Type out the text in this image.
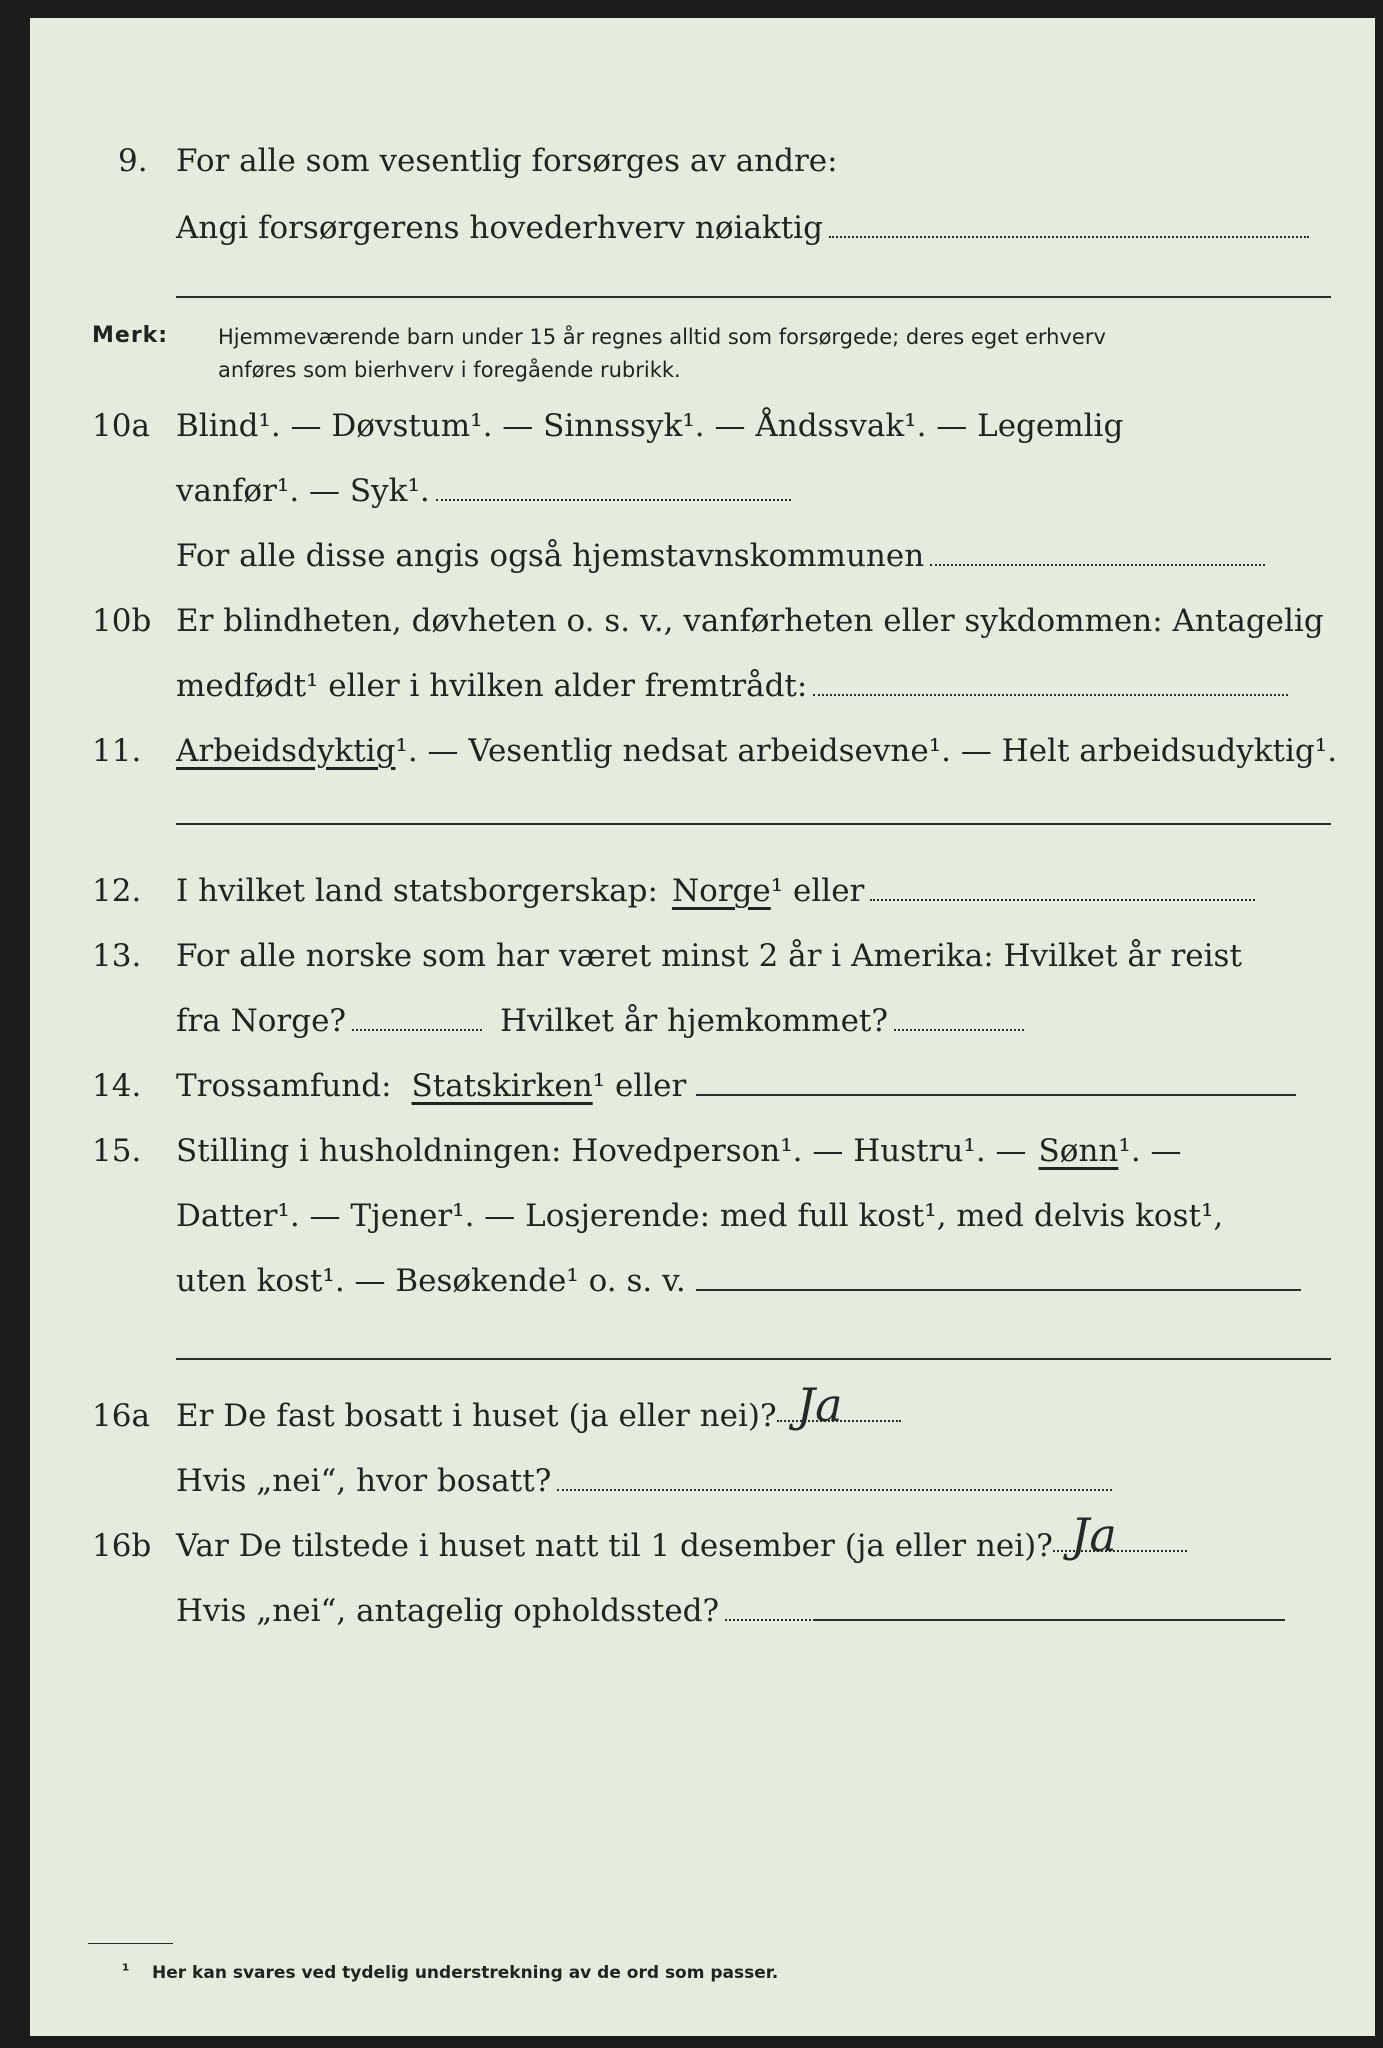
9. For alle som vesentlig forsørges av andre:
Angi forsørgerens hovederhverv nøiaktig
Merk: Hjemmeværende barn under 15 år regnes alltid som forsørgede; deres eget erhverv
anføres som bierhverv i foregående rubrikk.
10a Blind¹. — Døvstum¹. — Sinnssyk¹. — Åndssvak¹. — Legemlig
vanfør¹. — Syk¹.
For alle disse angis også hjemstavnskommunen
10b Er blindheten, døvheten o. s. v., vanførheten eller sykdommen: Antagelig
medfødt¹ eller i hvilken alder fremtrådt:
11. Arbeidsdyktig ¹. — Vesentlig nedsat arbeidsevne¹. — Helt arbeidsudyktig¹.
12. I hvilket land statsborgerskap: Norge ¹ eller
13. For alle norske som har været minst 2 år i Amerika: Hvilket år reist
fra Norge?	Hvilket år hjemkommet?
14. Trossamfund: Statskirken ¹ eller
15. Stilling i husholdningen: Hovedperson¹. — Hustru¹. — Sønn ¹. —
Datter¹. — Tjener¹. — Losjerende: med full kost¹, med delvis kost¹,
uten kost¹. — Besøkende¹ o. s. v.
16a Er De fast bosatt i huset (ja eller nei)? Ja
Hvis „nei“, hvor bosatt?
16b Var De tilstede i huset natt til 1 desember (ja eller nei)? Ja
Hvis „nei“, antagelig opholdssted?
¹ Her kan svares ved tydelig understrekning av de ord som passer.
